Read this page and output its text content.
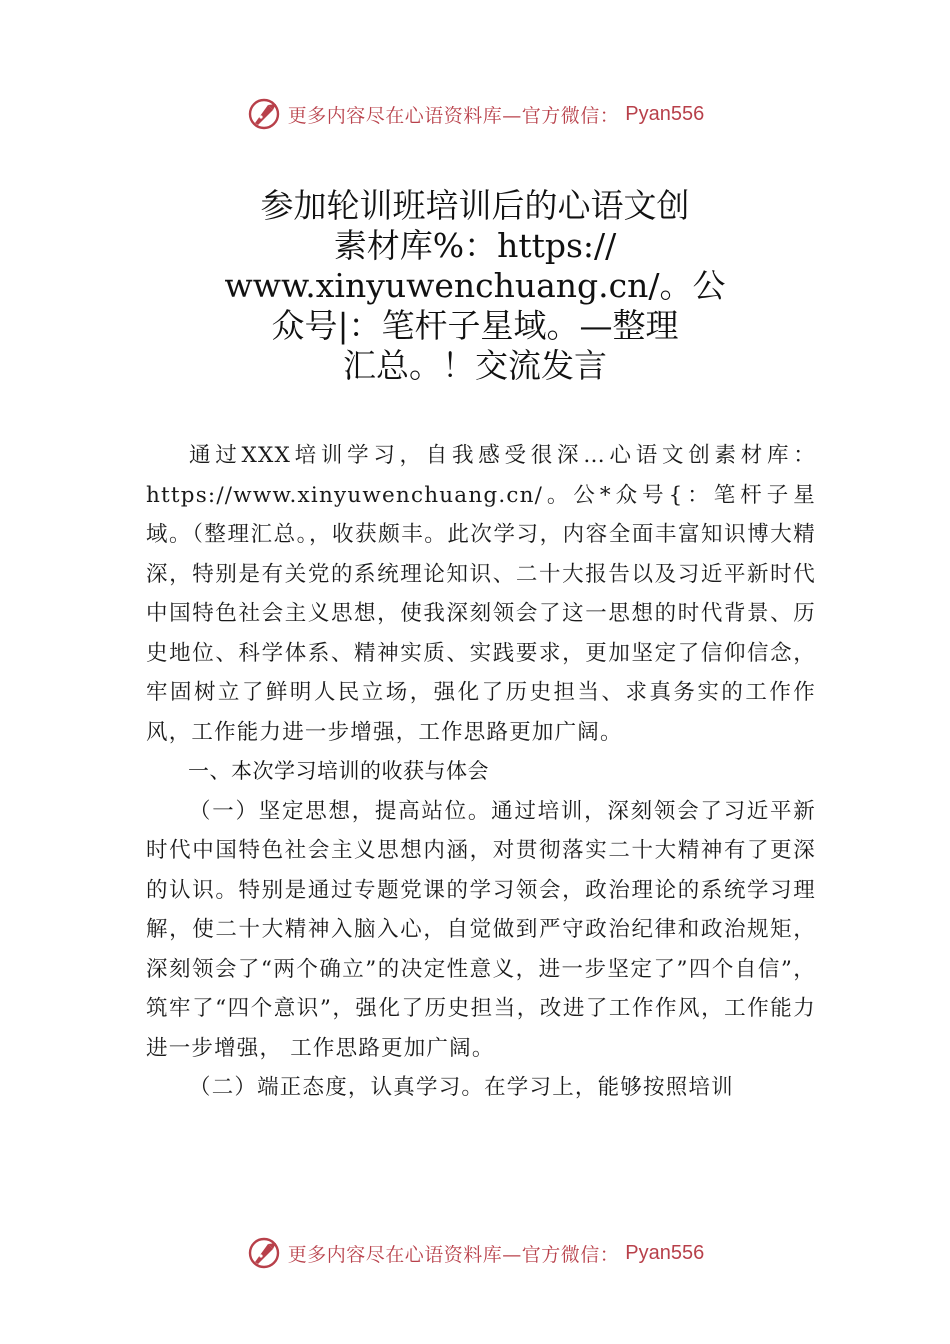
更多内容尽在心语资料库—官方微信： Pyan556
参加轮训班培训后的心语文创
素材库%：https://
www.xinyuwenchuang.cn/。公
众号|：笔杆子星域。—整理
汇总。！交流发言

通过XXX培训学习，自我感受很深…心语文创素材库：https://www.xinyuwenchuang.cn/。公*众号{：笔杆子星域。（整理汇总。，收获颇丰。此次学习，内容全面丰富知识博大精深，特别是有关党的系统理论知识、二十大报告以及习近平新时代中国特色社会主义思想，使我深刻领会了这一思想的时代背景、历史地位、科学体系、精神实质、实践要求，更加坚定了信仰信念，牢固树立了鲜明人民立场，强化了历史担当、求真务实的工作作风，工作能力进一步增强，工作思路更加广阔。

一、本次学习培训的收获与体会

（一）坚定思想，提高站位。通过培训，深刻领会了习近平新时代中国特色社会主义思想内涵，对贯彻落实二十大精神有了更深的认识。特别是通过专题党课的学习领会，政治理论的系统学习理解，使二十大精神入脑入心，自觉做到严守政治纪律和政治规矩，深刻领会了“两个确立”的决定性意义，进一步坚定了”四个自信”，筑牢了“四个意识”，强化了历史担当，改进了工作作风，工作能力进一步增强， 工作思路更加广阔。

（二）端正态度，认真学习。在学习上，能够按照培训

更多内容尽在心语资料库—官方微信： Pyan556
